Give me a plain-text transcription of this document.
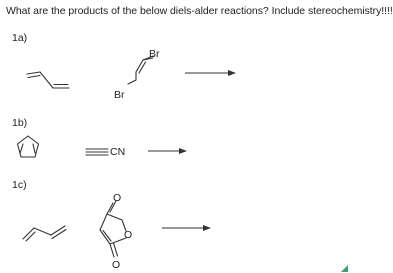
What are the products of the below diels-alder reactions? Include stereochemistry!!!!
1a)
1b)
1c)
Br
Br
CN
O
O
O
